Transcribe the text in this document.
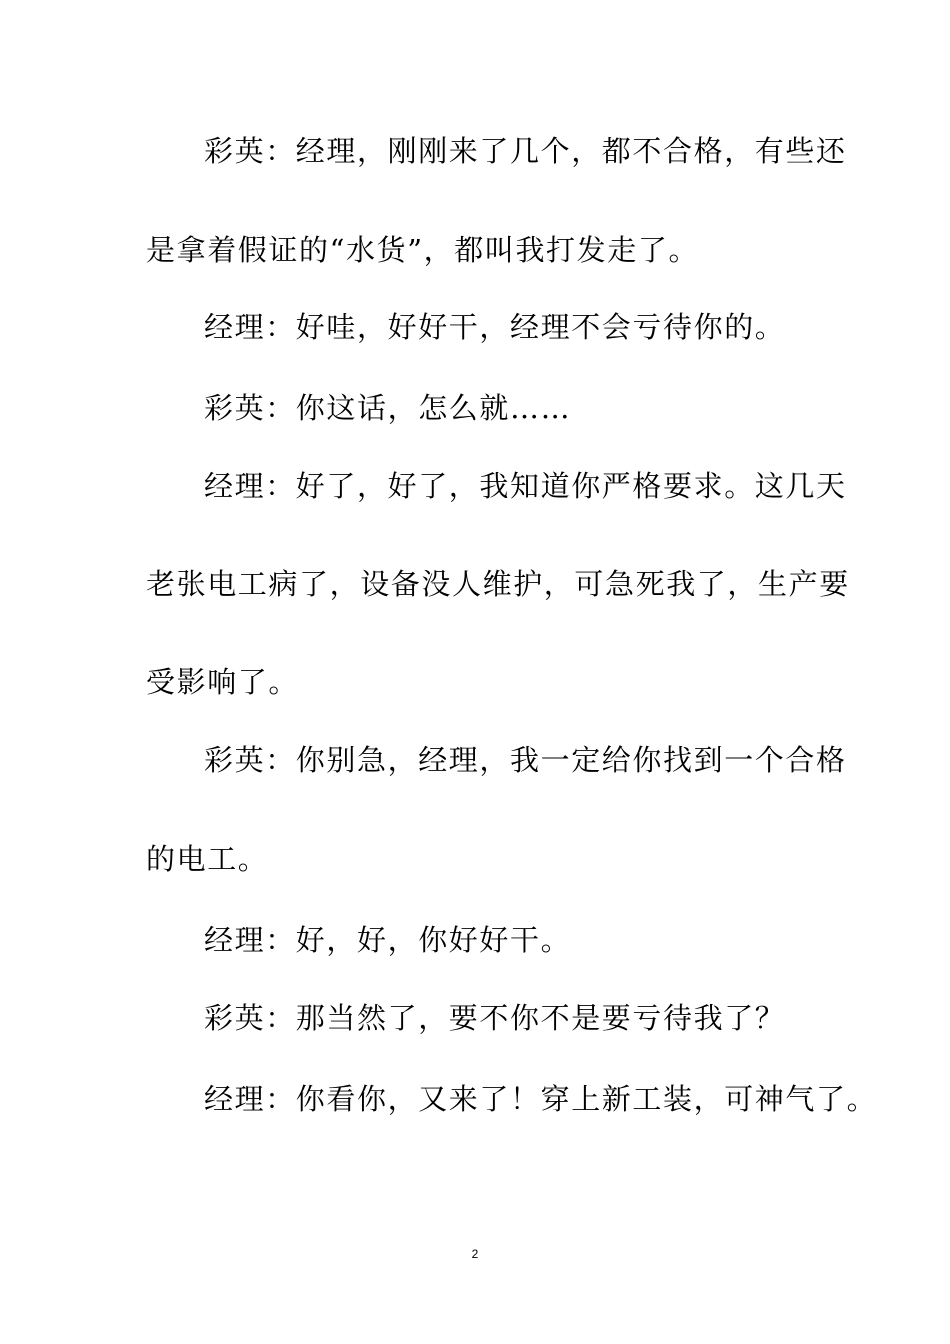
彩英：经理，刚刚来了几个，都不合格，有些还
是拿着假证的“水货”，都叫我打发走了。
经理：好哇，好好干，经理不会亏待你的。
彩英：你这话，怎么就……
经理：好了，好了，我知道你严格要求。这几天
老张电工病了，设备没人维护，可急死我了，生产要
受影响了。
彩英：你别急，经理，我一定给你找到一个合格
的电工。
经理：好，好，你好好干。
彩英：那当然了，要不你不是要亏待我了？
经理：你看你，又来了！穿上新工装，可神气了。
2
